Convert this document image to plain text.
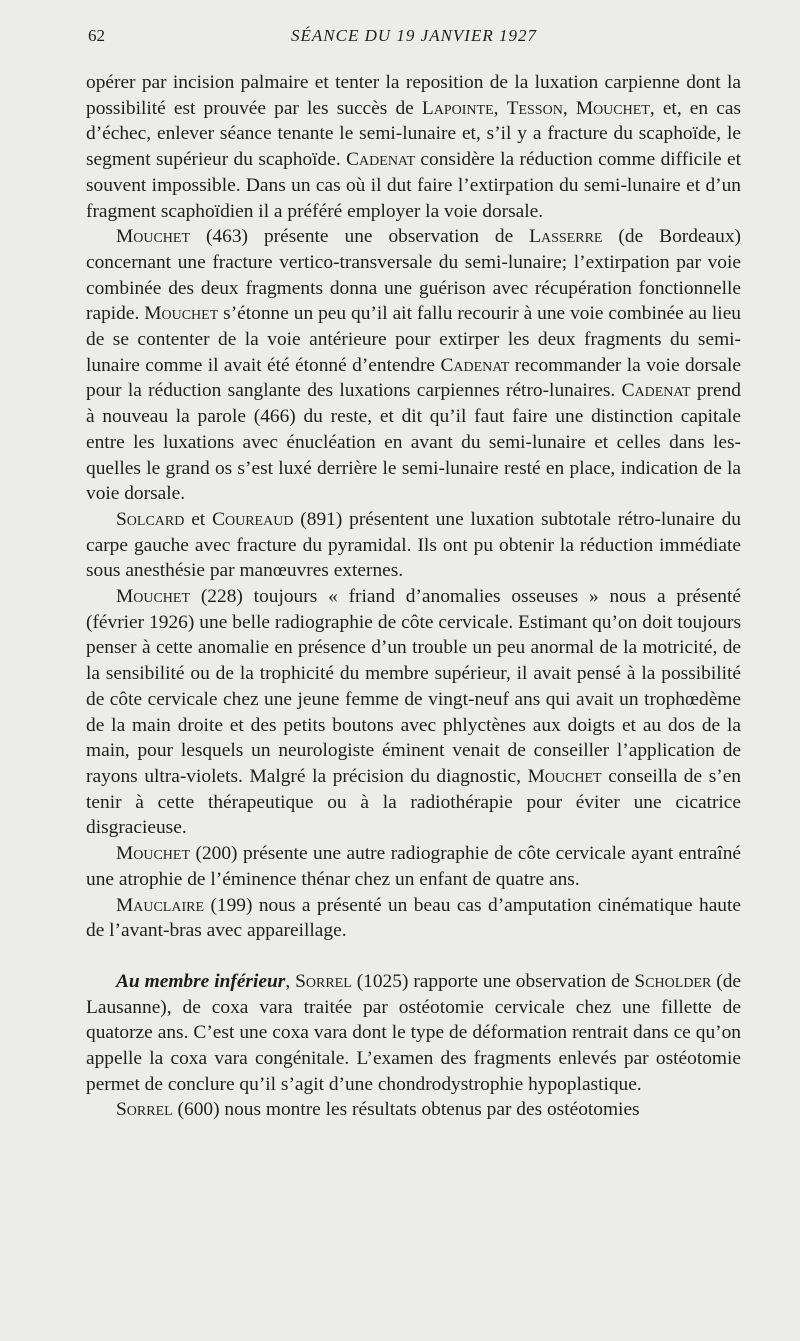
62	SÉANCE DU 19 JANVIER 1927

opérer par incision palmaire et tenter la reposition de la luxation carpienne dont la possibilité est prouvée par les succès de Lapointe, Tesson, Mouchet, et, en cas d’échec, enlever séance tenante le semi-lunaire et, s’il y a fracture du scaphoïde, le segment supérieur du scaphoïde. Cadenat considère la réduction comme difficile et souvent impossible. Dans un cas où il dut faire l’extirpation du semi-lunaire et d’un fragment scaphoïdien il a préféré employer la voie dorsale.

Mouchet (463) présente une observation de Lasserre (de Bordeaux) concernant une fracture vertico-transversale du semi-lunaire; l’extirpation par voie combinée des deux fragments donna une guérison avec récupération fonctionnelle rapide. Mouchet s’étonne un peu qu’il ait fallu recourir à une voie combinée au lieu de se contenter de la voie antérieure pour extirper les deux fragments du semi-lunaire comme il avait été étonné d’entendre Cadenat recommander la voie dorsale pour la réduction sanglante des luxations carpiennes rétro-lunaires. Cadenat prend à nouveau la parole (466) du reste, et dit qu’il faut faire une distinction capitale entre les luxations avec énucléation en avant du semi-lunaire et celles dans lesquelles le grand os s’est luxé derrière le semi-lunaire resté en place, indication de la voie dorsale.

Solcard et Coureaud (891) présentent une luxation subtotale rétro-lunaire du carpe gauche avec fracture du pyramidal. Ils ont pu obtenir la réduction immédiate sous anesthésie par manœuvres externes.

Mouchet (228) toujours « friand d’anomalies osseuses » nous a présenté (février 1926) une belle radiographie de côte cervicale. Estimant qu’on doit toujours penser à cette anomalie en présence d’un trouble un peu anormal de la motricité, de la sensibilité ou de la trophicité du membre supérieur, il avait pensé à la possibilité de côte cervicale chez une jeune femme de vingt-neuf ans qui avait un trophœdème de la main droite et des petits boutons avec phlyctènes aux doigts et au dos de la main, pour lesquels un neurologiste éminent venait de conseiller l’application de rayons ultra-violets. Malgré la précision du diagnostic, Mouchet conseilla de s’en tenir à cette thérapeutique ou à la radiothérapie pour éviter une cicatrice disgracieuse.

Mouchet (200) présente une autre radiographie de côte cervicale ayant entraîné une atrophie de l’éminence thénar chez un enfant de quatre ans.

Mauclaire (199) nous a présenté un beau cas d’amputation cinématique haute de l’avant-bras avec appareillage.

Au membre inférieur, Sorrel (1025) rapporte une observation de Scholder (de Lausanne), de coxa vara traitée par ostéotomie cervicale chez une fillette de quatorze ans. C’est une coxa vara dont le type de déformation rentrait dans ce qu’on appelle la coxa vara congénitale. L’examen des fragments enlevés par ostéotomie permet de conclure qu’il s’agit d’une chondrodystrophie hypoplastique.

Sorrel (600) nous montre les résultats obtenus par des ostéotomies
